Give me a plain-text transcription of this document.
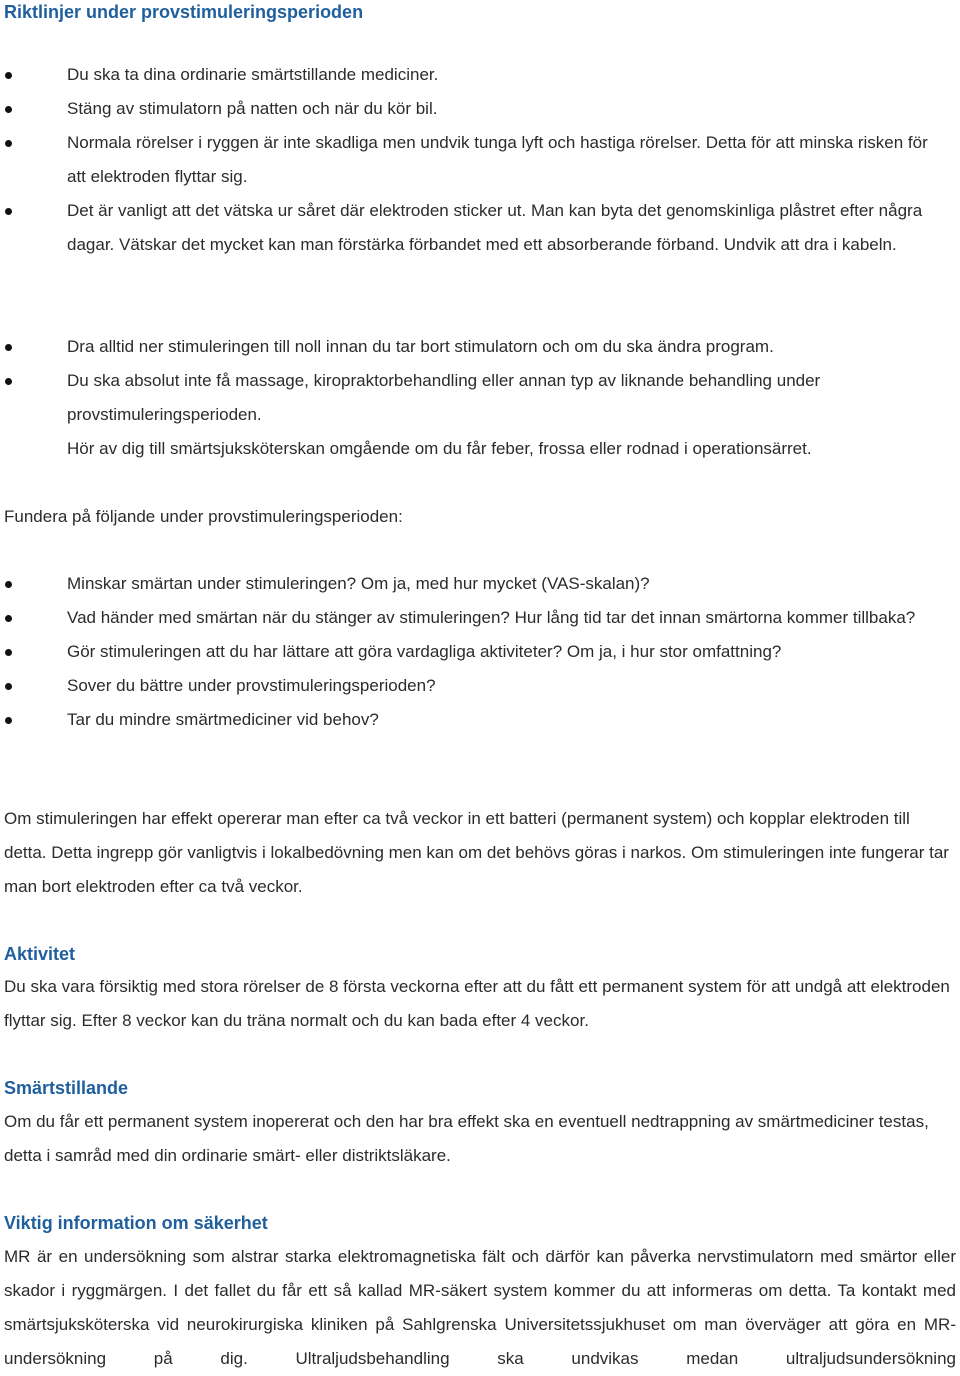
Riktlinjer under provstimuleringsperioden
Du ska ta dina ordinarie smärtstillande mediciner.
Stäng av stimulatorn på natten och när du kör bil.
Normala rörelser i ryggen är inte skadliga men undvik tunga lyft och hastiga rörelser. Detta för att minska risken för att elektroden flyttar sig.
Det är vanligt att det vätska ur såret där elektroden sticker ut. Man kan byta det genomskinliga plåstret efter några dagar. Vätskar det mycket kan man förstärka förbandet med ett absorberande förband. Undvik att dra i kabeln.
Dra alltid ner stimuleringen till noll innan du tar bort stimulatorn och om du ska ändra program.
Du ska absolut inte få massage, kiropraktorbehandling eller annan typ av liknande behandling under provstimuleringsperioden.

Hör av dig till smärtsjuksköterskan omgående om du får feber, frossa eller rodnad i operationsärret.

Fundera på följande under provstimuleringsperioden:

Minskar smärtan under stimuleringen? Om ja, med hur mycket (VAS-skalan)?
Vad händer med smärtan när du stänger av stimuleringen? Hur lång tid tar det innan smärtorna kommer tillbaka?
Gör stimuleringen att du har lättare att göra vardagliga aktiviteter? Om ja, i hur stor omfattning?
Sover du bättre under provstimuleringsperioden?
Tar du mindre smärtmediciner vid behov?

Om stimuleringen har effekt opererar man efter ca två veckor in ett batteri (permanent system) och kopplar elektroden till detta. Detta ingrepp gör vanligtvis i lokalbedövning men kan om det behövs göras i narkos. Om stimuleringen inte fungerar tar man bort elektroden efter ca två veckor.

Aktivitet

Du ska vara försiktig med stora rörelser de 8 första veckorna efter att du fått ett permanent system för att undgå att elektroden flyttar sig. Efter 8 veckor kan du träna normalt och du kan bada efter 4 veckor.

Smärtstillande

Om du får ett permanent system inopererat och den har bra effekt ska en eventuell nedtrappning av smärtmediciner testas, detta i samråd med din ordinarie smärt- eller distriktsläkare.

Viktig information om säkerhet

MR är en undersökning som alstrar starka elektromagnetiska fält och därför kan påverka nervstimulatorn med smärtor eller skador i ryggmärgen. I det fallet du får ett så kallad MR-säkert system kommer du att informeras om detta. Ta kontakt med smärtsjuksköterska vid neurokirurgiska kliniken på Sahlgrenska Universitetssjukhuset om man överväger att göra en MR-undersökning på dig. Ultraljudsbehandling ska undvikas medan ultraljudsundersökning
